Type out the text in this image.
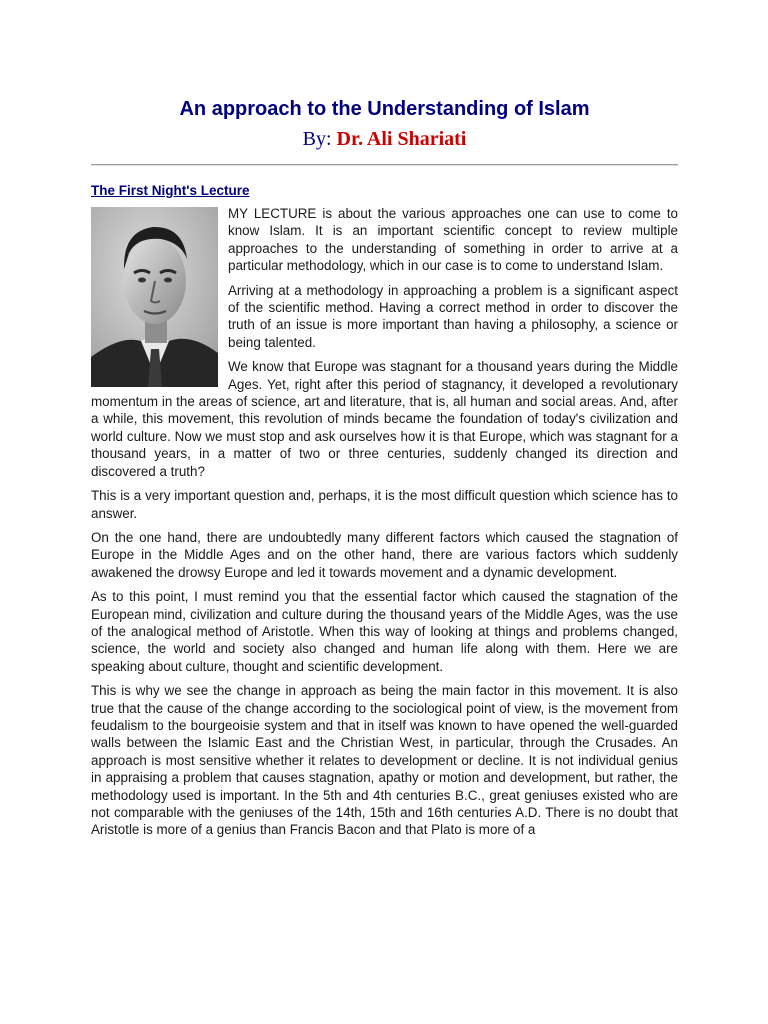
An approach to the Understanding of Islam
By: Dr. Ali Shariati
The First Night's Lecture

MY LECTURE is about the various approaches one can use to come to know Islam. It is an important scientific concept to review multiple approaches to the understanding of something in order to arrive at a particular methodology, which in our case is to come to understand Islam.

Arriving at a methodology in approaching a problem is a significant aspect of the scientific method. Having a correct method in order to discover the truth of an issue is more important than having a philosophy, a science or being talented.

We know that Europe was stagnant for a thousand years during the Middle Ages. Yet, right after this period of stagnancy, it developed a revolutionary momentum in the areas of science, art and literature, that is, all human and social areas. And, after a while, this movement, this revolution of minds became the foundation of today's civilization and world culture. Now we must stop and ask ourselves how it is that Europe, which was stagnant for a thousand years, in a matter of two or three centuries, suddenly changed its direction and discovered a truth?

This is a very important question and, perhaps, it is the most difficult question which science has to answer.

On the one hand, there are undoubtedly many different factors which caused the stagnation of Europe in the Middle Ages and on the other hand, there are various factors which suddenly awakened the drowsy Europe and led it towards movement and a dynamic development.

As to this point, I must remind you that the essential factor which caused the stagnation of the European mind, civilization and culture during the thousand years of the Middle Ages, was the use of the analogical method of Aristotle. When this way of looking at things and problems changed, science, the world and society also changed and human life along with them. Here we are speaking about culture, thought and scientific development.

This is why we see the change in approach as being the main factor in this movement. It is also true that the cause of the change according to the sociological point of view, is the movement from feudalism to the bourgeoisie system and that in itself was known to have opened the well-guarded walls between the Islamic East and the Christian West, in particular, through the Crusades. An approach is most sensitive whether it relates to development or decline. It is not individual genius in appraising a problem that causes stagnation, apathy or motion and development, but rather, the methodology used is important. In the 5th and 4th centuries B.C., great geniuses existed who are not comparable with the geniuses of the 14th, 15th and 16th centuries A.D. There is no doubt that Aristotle is more of a genius than Francis Bacon and that Plato is more of a
